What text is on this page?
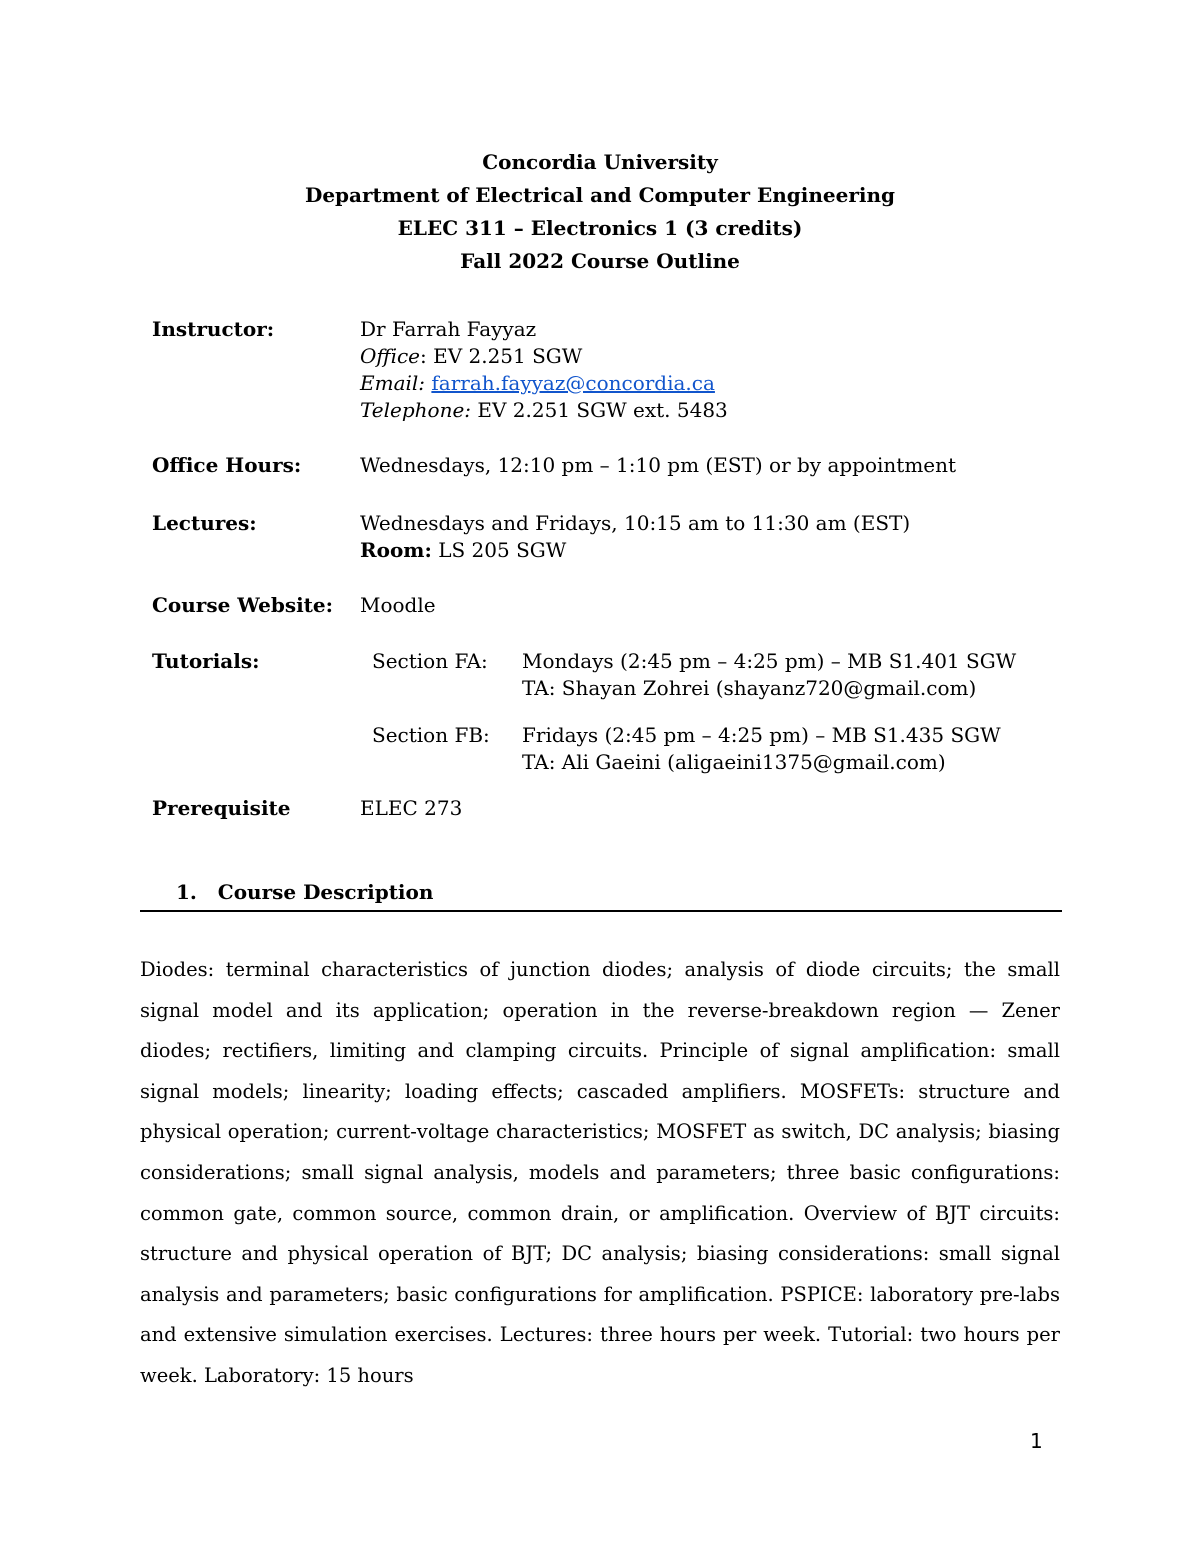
Concordia University
Department of Electrical and Computer Engineering
ELEC 311 – Electronics 1 (3 credits)
Fall 2022 Course Outline
Instructor:	Dr Farrah Fayyaz
Office: EV 2.251 SGW
Email: farrah.fayyaz@concordia.ca
Telephone: EV 2.251 SGW ext. 5483
Office Hours:	Wednesdays, 12:10 pm – 1:10 pm (EST) or by appointment
Lectures:	Wednesdays and Fridays, 10:15 am to 11:30 am (EST)
Room: LS 205 SGW
Course Website: Moodle
Tutorials:	Section FA: Mondays (2:45 pm – 4:25 pm) – MB S1.401 SGW
TA: Shayan Zohrei (shayanz720@gmail.com)
Section FB: Fridays (2:45 pm – 4:25 pm) – MB S1.435 SGW
TA: Ali Gaeini (aligaeini1375@gmail.com)
Prerequisite	ELEC 273
1. Course Description
Diodes: terminal characteristics of junction diodes; analysis of diode circuits; the small signal model and its application; operation in the reverse-breakdown region — Zener diodes; rectifiers, limiting and clamping circuits. Principle of signal amplification: small signal models; linearity; loading effects; cascaded amplifiers. MOSFETs: structure and physical operation; current-voltage characteristics; MOSFET as switch, DC analysis; biasing considerations; small signal analysis, models and parameters; three basic configurations: common gate, common source, common drain, or amplification. Overview of BJT circuits: structure and physical operation of BJT; DC analysis; biasing considerations: small signal analysis and parameters; basic configurations for amplification. PSPICE: laboratory pre-labs and extensive simulation exercises. Lectures: three hours per week. Tutorial: two hours per week. Laboratory: 15 hours
1
